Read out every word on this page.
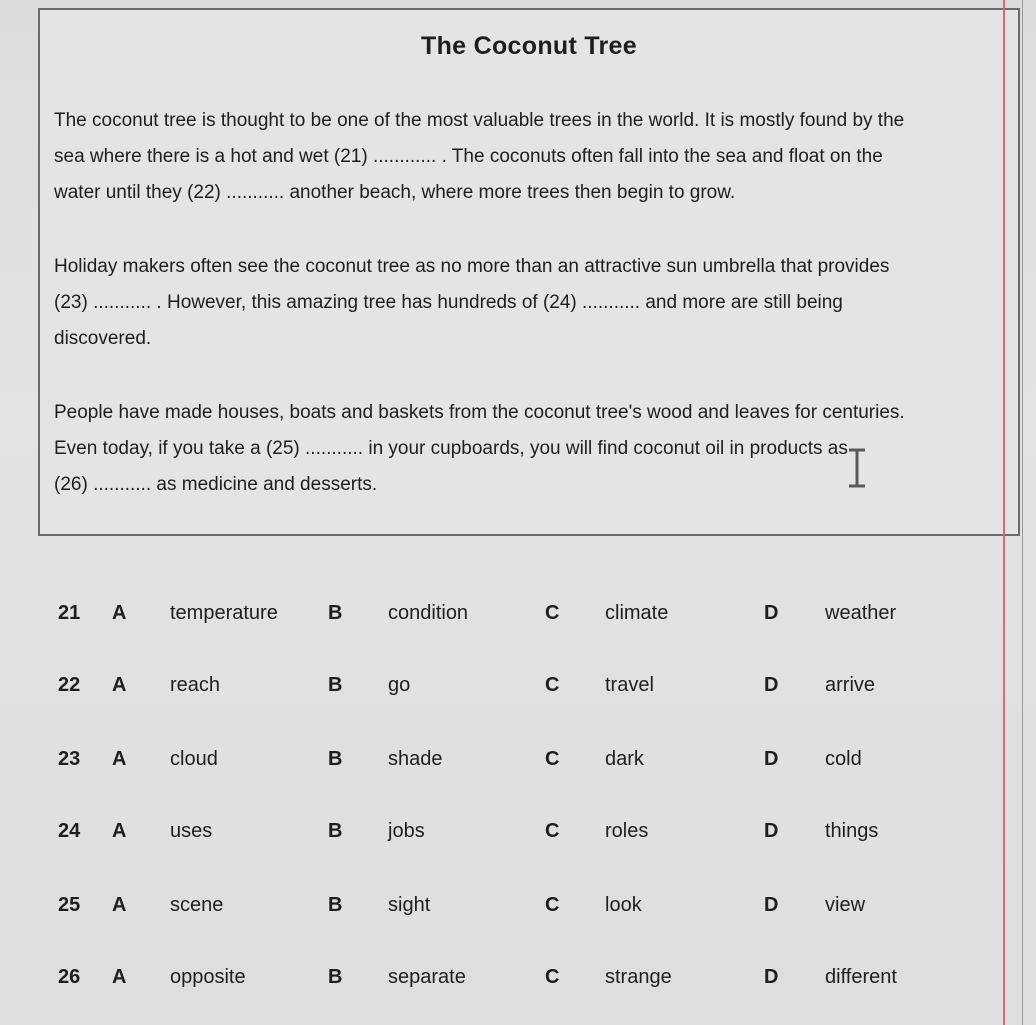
The Coconut Tree
The coconut tree is thought to be one of the most valuable trees in the world. It is mostly found by the
sea where there is a hot and wet (21) ............ . The coconuts often fall into the sea and float on the
water until they (22) ........... another beach, where more trees then begin to grow.
Holiday makers often see the coconut tree as no more than an attractive sun umbrella that provides
(23) ........... . However, this amazing tree has hundreds of (24) ........... and more are still being
discovered.
People have made houses, boats and baskets from the coconut tree's wood and leaves for centuries.
Even today, if you take a (25) ........... in your cupboards, you will find coconut oil in products as
(26) ........... as medicine and desserts.
21 A temperature	B condition	C climate	D weather
22 A reach	B go	C travel	D arrive
23 A cloud	B shade	C dark	D cold
24 A uses	B jobs	C roles	D things
25 A scene	B sight	C look	D view
26 A opposite	B separate	C strange	D different
